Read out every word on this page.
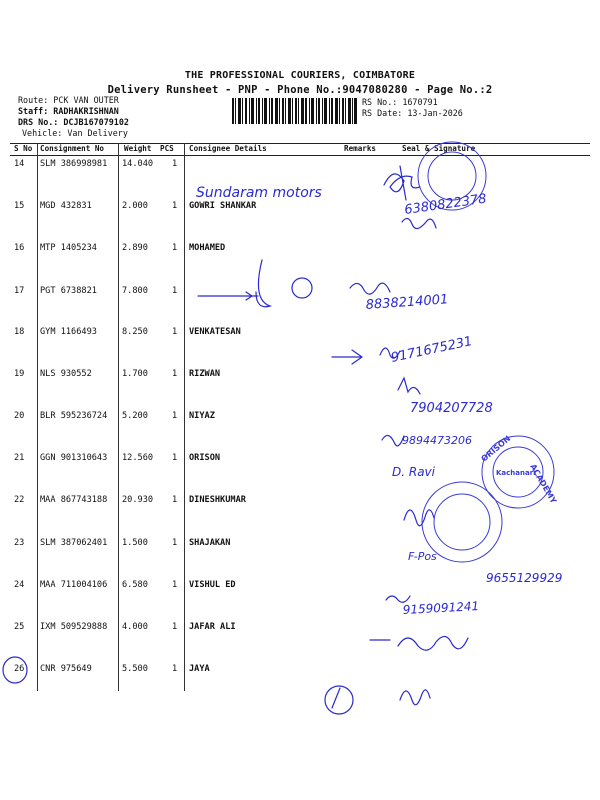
THE PROFESSIONAL COURIERS, COIMBATORE
Delivery Runsheet - PNP - Phone No.:9047080280 - Page No.:2
Route: PCK VAN OUTER
Staff: RADHAKRISHNAN
DRS No.: DCJB167079102
Vehicle: Van Delivery
RS No.: 1670791
RS Date: 13-Jan-2026
S No Consignment No	Weight PCS Consignee Details	Remarks	Seal & Signature
14 SLM 386998981 14.040 1
15 MGD 432831	2.000	1 GOWRI SHANKAR
16 MTP 1405234	2.890	1 MOHAMED
17 PGT 6738821	7.800	1
18 GYM 1166493	8.250	1 VENKATESAN
19 NLS 930552	1.700	1 RIZWAN
20 BLR 595236724 5.200	1 NIYAZ
21 GGN 901310643 12.560 1 ORISON
22 MAA 867743188 20.930 1 DINESHKUMAR
23 SLM 387062401 1.500	1 SHAJAKAN
24 MAA 711004106 6.580	1 VISHUL ED
25 IXM 509529888 4.000	1 JAFAR ALI
26 CNR 975649	5.500	1 JAYA
Sundaram motors	6380822378
8838214001
9171675231
7904207728
9894473206
D. Ravi
F-Pos
9655129929
9159091241
ORISON
ACADEMY
Kachanari
